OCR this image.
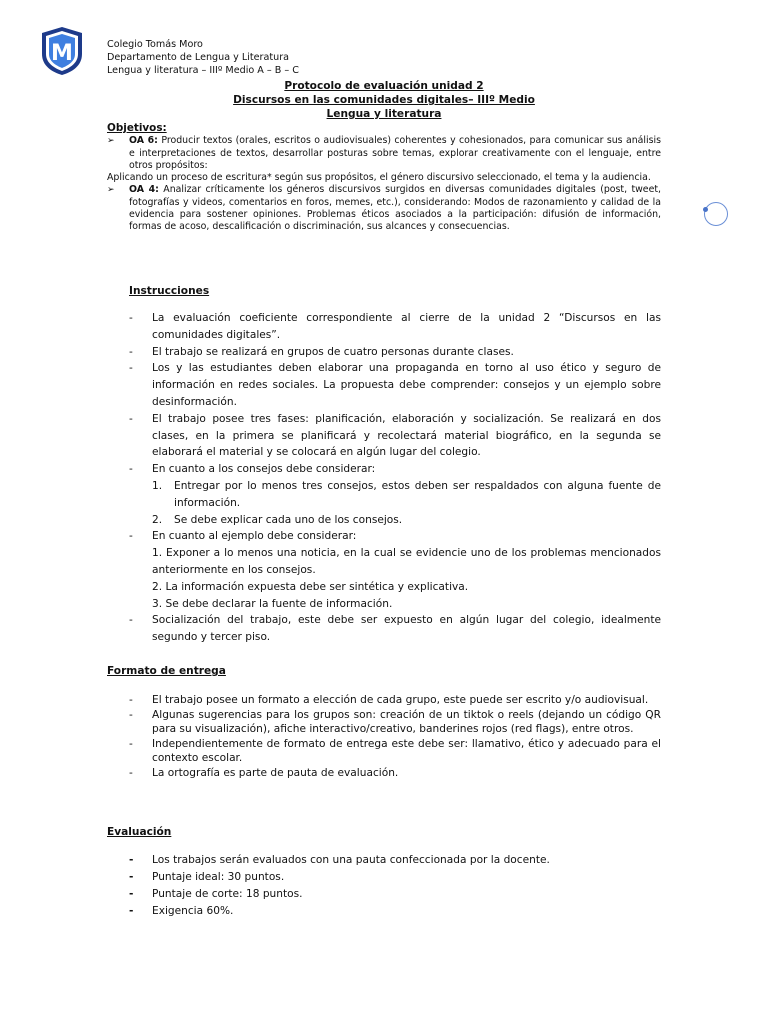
M	Colegio Tomás Moro
Departamento de Lengua y Literatura
Lengua y literatura – IIIº Medio A – B – C
Protocolo de evaluación unidad 2
Discursos en las comunidades digitales– IIIº Medio
Lengua y literatura
Objetivos:
➢ OA 6: Producir textos (orales, escritos o audiovisuales) coherentes y cohesionados, para comunicar sus análisis e interpretaciones de textos, desarrollar posturas sobre temas, explorar creativamente con el lenguaje, entre otros propósitos:
Aplicando un proceso de escritura* según sus propósitos, el género discursivo seleccionado, el tema y la audiencia.
➢ OA 4: Analizar críticamente los géneros discursivos surgidos en diversas comunidades digitales (post, tweet, fotografías y videos, comentarios en foros, memes, etc.), considerando: Modos de razonamiento y calidad de la evidencia para sostener opiniones. Problemas éticos asociados a la participación: difusión de información, formas de acoso, descalificación o discriminación, sus alcances y consecuencias.
Instrucciones
- La evaluación coeficiente correspondiente al cierre de la unidad 2 “Discursos en las comunidades digitales”.
- El trabajo se realizará en grupos de cuatro personas durante clases.
- Los y las estudiantes deben elaborar una propaganda en torno al uso ético y seguro de información en redes sociales. La propuesta debe comprender: consejos y un ejemplo sobre desinformación.
- El trabajo posee tres fases: planificación, elaboración y socialización. Se realizará en dos clases, en la primera se planificará y recolectará material biográfico, en la segunda se elaborará el material y se colocará en algún lugar del colegio.
- En cuanto a los consejos debe considerar:
1. Entregar por lo menos tres consejos, estos deben ser respaldados con alguna fuente de información.
2. Se debe explicar cada uno de los consejos.
- En cuanto al ejemplo debe considerar:
1. Exponer a lo menos una noticia, en la cual se evidencie uno de los problemas mencionados anteriormente en los consejos.
2. La información expuesta debe ser sintética y explicativa.
3. Se debe declarar la fuente de información.
- Socialización del trabajo, este debe ser expuesto en algún lugar del colegio, idealmente segundo y tercer piso.
Formato de entrega
- El trabajo posee un formato a elección de cada grupo, este puede ser escrito y/o audiovisual.
- Algunas sugerencias para los grupos son: creación de un tiktok o reels (dejando un código QR para su visualización), afiche interactivo/creativo, banderines rojos (red flags), entre otros.
- Independientemente de formato de entrega este debe ser: llamativo, ético y adecuado para el contexto escolar.
- La ortografía es parte de pauta de evaluación.
Evaluación
- Los trabajos serán evaluados con una pauta confeccionada por la docente.
- Puntaje ideal: 30 puntos.
- Puntaje de corte: 18 puntos.
- Exigencia 60%.
